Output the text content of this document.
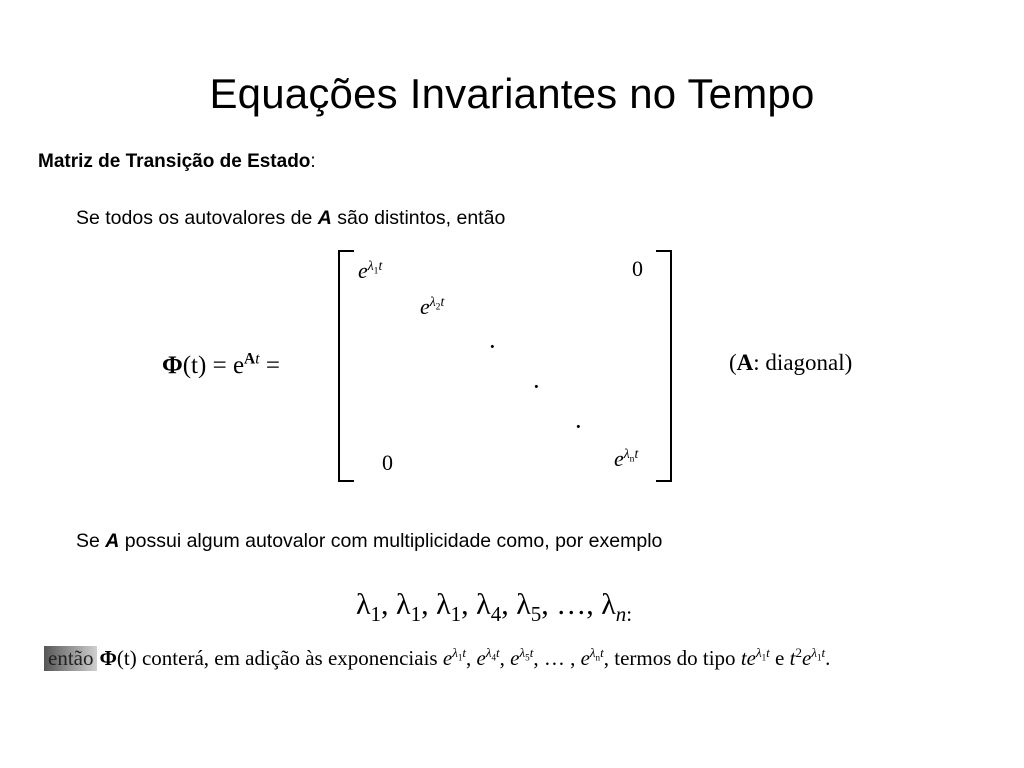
Equações Invariantes no Tempo
Matriz de Transição de Estado:
Se todos os autovalores de A são distintos, então
$\Phi(t) = e^{At}$ =
$e^{\lambda_1t}$	0
$e^{\lambda_2t}$
·
·
·
0	$e^{\lambda_nt}$
(A: diagonal)
Se A possui algum autovalor com multiplicidade como, por exemplo
$\lambda_1$, $\lambda_1$, $\lambda_1$, $\lambda_4$, $\lambda_5$, …, $\lambda_{n:}$
então Φ(t) conterá, em adição às exponenciais $e^{\lambda_1t}$, $e^{\lambda_4t}$, $e^{\lambda_5t}$, … , $e^{\lambda_nt}$, termos do tipo $te^{\lambda_1t}$ e $t^2e^{\lambda_1t}$.
